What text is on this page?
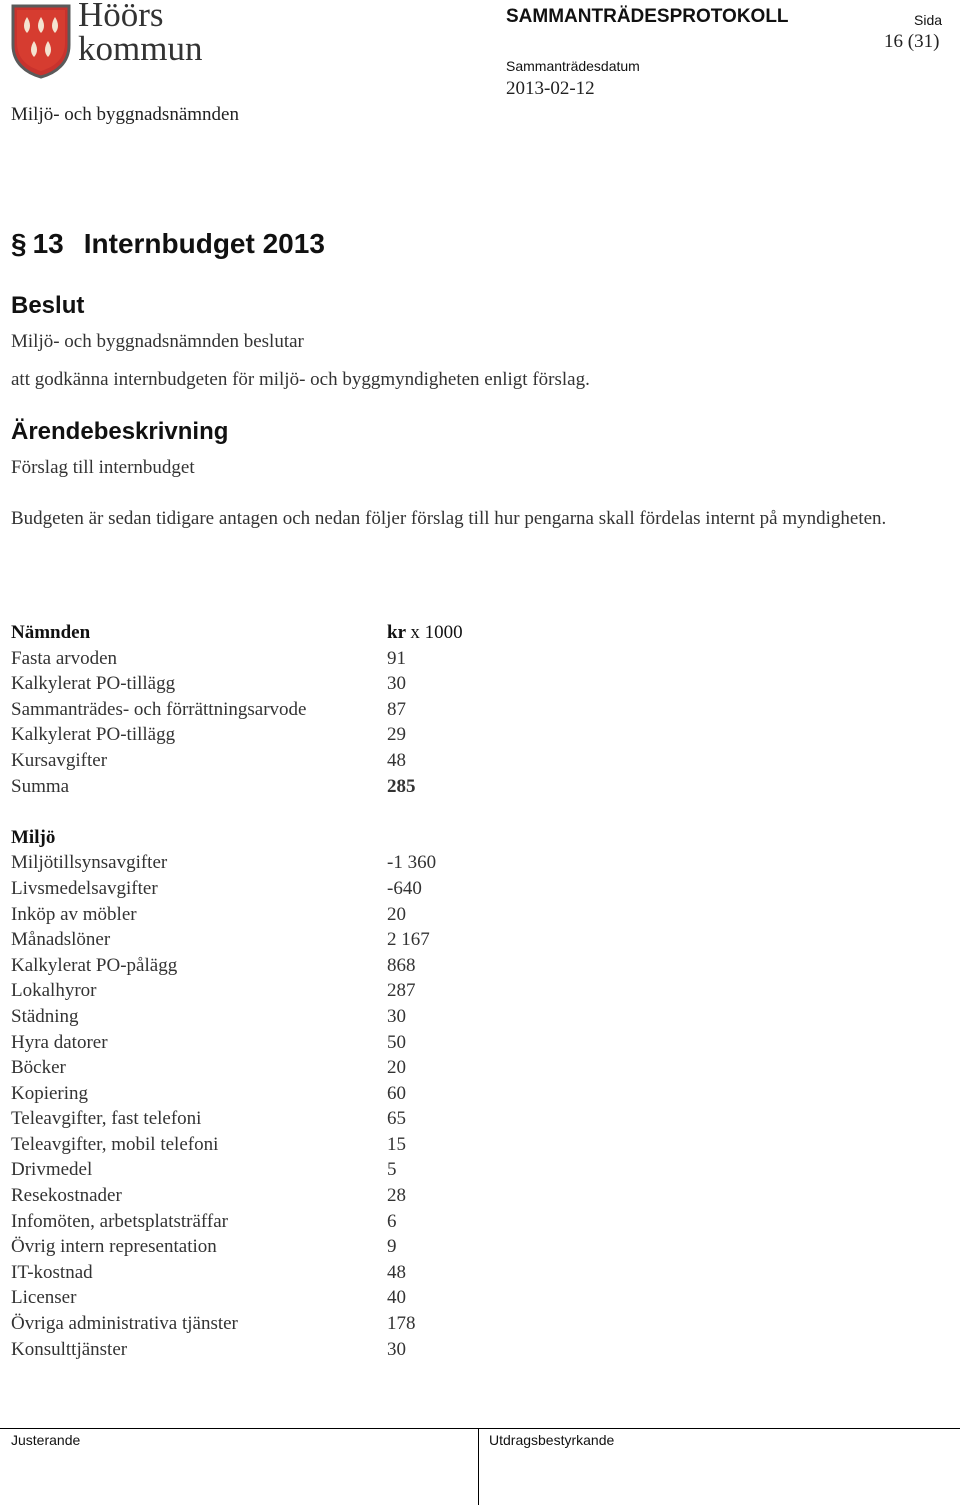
Höörs
kommun
SAMMANTRÄDESPROTOKOLL	Sida
16 (31)
Sammanträdesdatum
2013-02-12
Miljö- och byggnadsnämnden
§ 13 Internbudget 2013
Beslut
Miljö- och byggnadsnämnden beslutar
att godkänna internbudgeten för miljö- och byggmyndigheten enligt förslag.
Ärendebeskrivning
Förslag till internbudget
Budgeten är sedan tidigare antagen och nedan följer förslag till hur pengarna skall fördelas internt på myndigheten.
Nämnden	kr x 1000
Fasta arvoden	91
Kalkylerat PO-tillägg	30
Sammanträdes- och förrättningsarvode	87
Kalkylerat PO-tillägg	29
Kursavgifter	48
Summa	285
Miljö
Miljötillsynsavgifter	-1 360
Livsmedelsavgifter	-640
Inköp av möbler	20
Månadslöner	2 167
Kalkylerat PO-pålägg	868
Lokalhyror	287
Städning	30
Hyra datorer	50
Böcker	20
Kopiering	60
Teleavgifter, fast telefoni	65
Teleavgifter, mobil telefoni	15
Drivmedel	5
Resekostnader	28
Infomöten, arbetsplatsträffar	6
Övrig intern representation	9
IT-kostnad	48
Licenser	40
Övriga administrativa tjänster	178
Konsulttjänster	30
Justerande	Utdragsbestyrkande
